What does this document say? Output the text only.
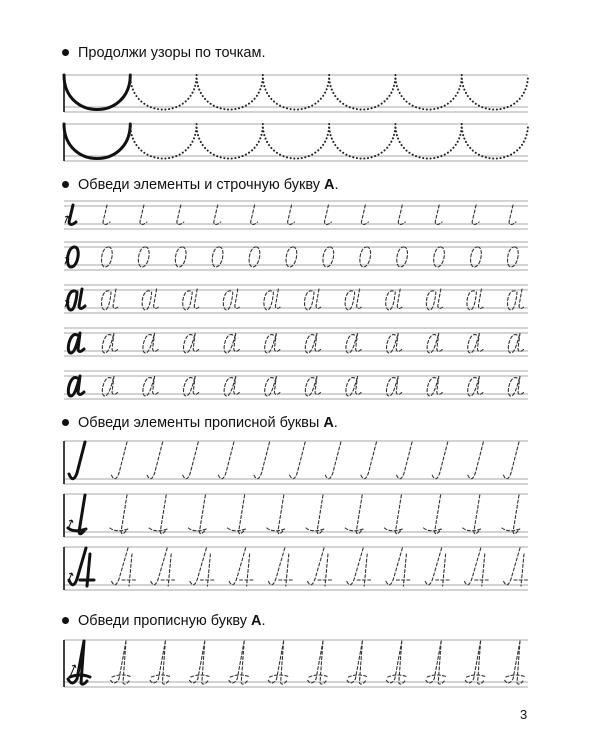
Продолжи узоры по точкам.
Обведи элементы и строчную букву А.
Обведи элементы прописной буквы А.
Обведи прописную букву А.
3
